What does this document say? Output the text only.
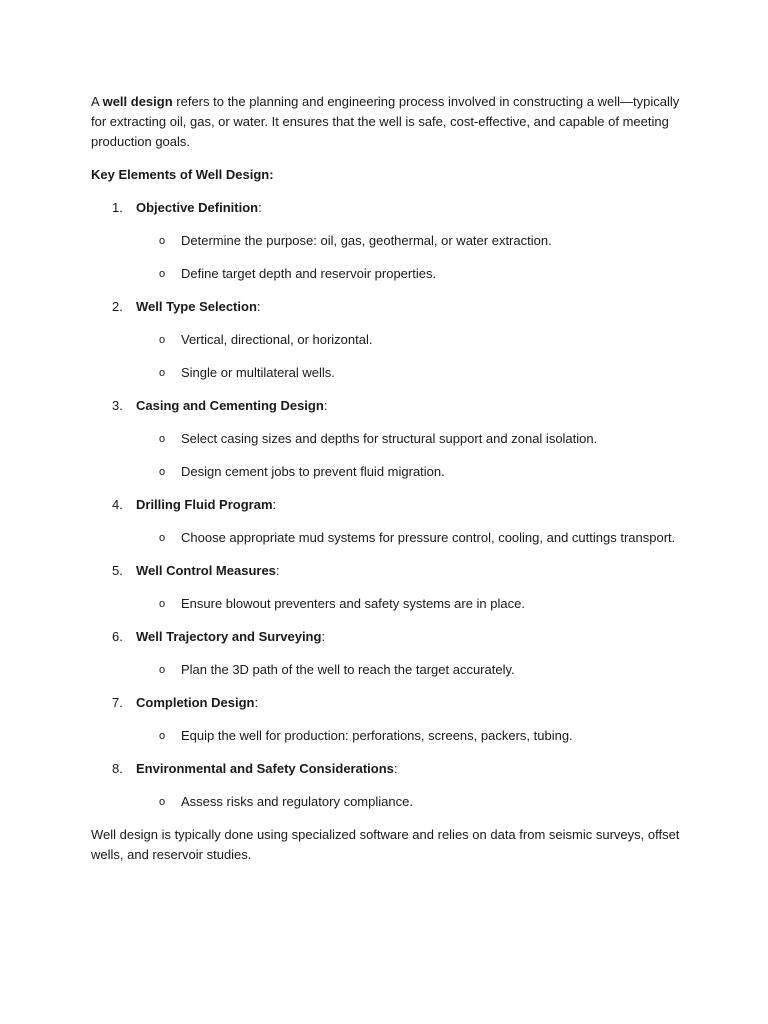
A well design refers to the planning and engineering process involved in constructing a well—typically for extracting oil, gas, or water. It ensures that the well is safe, cost-effective, and capable of meeting production goals.

Key Elements of Well Design:

1. Objective Definition:
o Determine the purpose: oil, gas, geothermal, or water extraction.
o Define target depth and reservoir properties.
2. Well Type Selection:
o Vertical, directional, or horizontal.
o Single or multilateral wells.
3. Casing and Cementing Design:
o Select casing sizes and depths for structural support and zonal isolation.
o Design cement jobs to prevent fluid migration.
4. Drilling Fluid Program:
o Choose appropriate mud systems for pressure control, cooling, and cuttings transport.
5. Well Control Measures:
o Ensure blowout preventers and safety systems are in place.
6. Well Trajectory and Surveying:
o Plan the 3D path of the well to reach the target accurately.
7. Completion Design:
o Equip the well for production: perforations, screens, packers, tubing.
8. Environmental and Safety Considerations:
o Assess risks and regulatory compliance.

Well design is typically done using specialized software and relies on data from seismic surveys, offset wells, and reservoir studies.
